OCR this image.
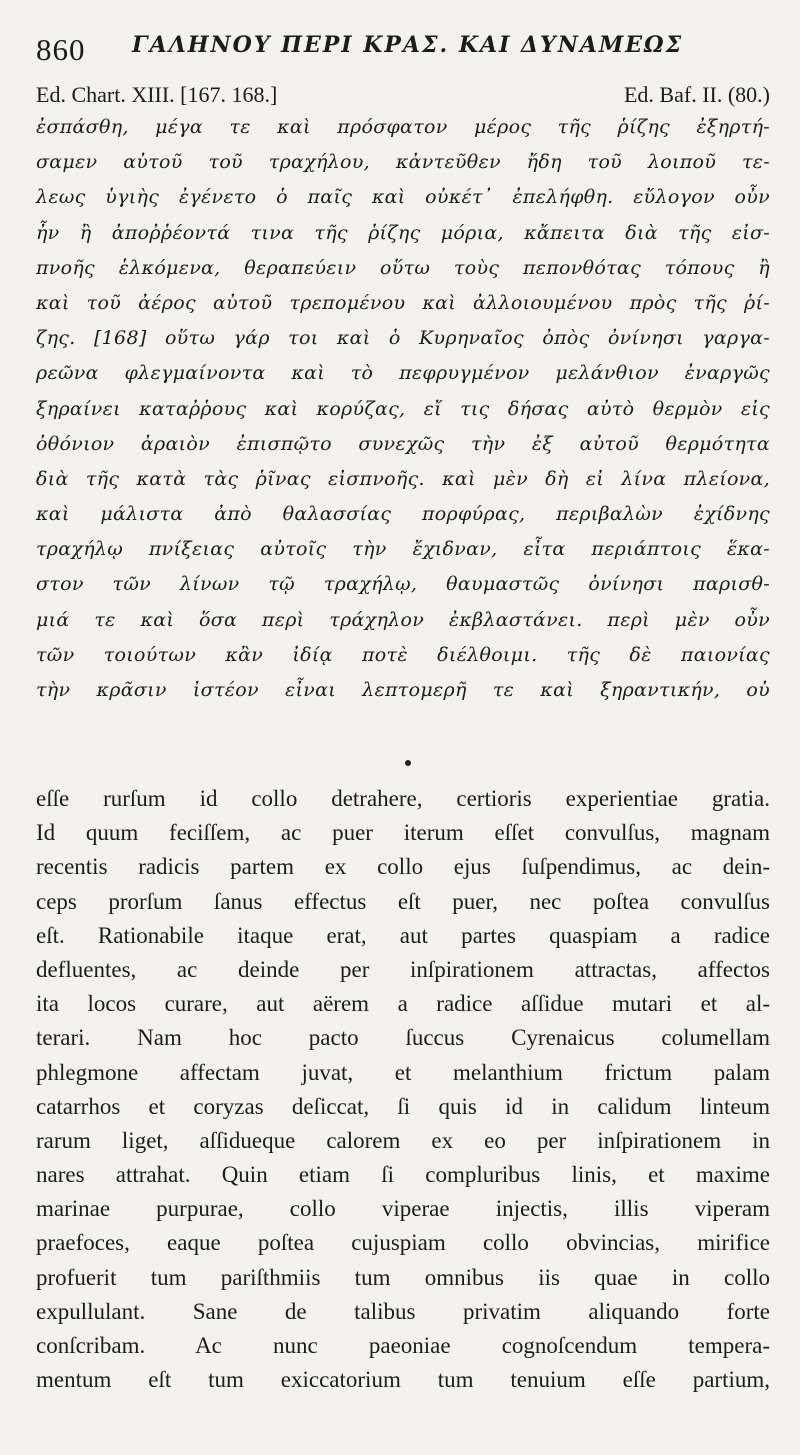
860 ΓΑΛΗΝΟΥ ΠΕΡΙ ΚΡΑΣ. ΚΑΙ ΔΥΝΑΜΕΩΣ
Ed. Chart. XIII. [167. 168.]	Ed. Baf. II. (80.)
ἐσπάσθη, μέγα τε καὶ πρόσφατον μέρος τῆς ῥίζης ἐξηρτή-
σαμεν αὐτοῦ τοῦ τραχήλου, κἀντεῦθεν ἤδη τοῦ λοιποῦ τε-
λεως ὑγιὴς ἐγένετο ὁ παῖς καὶ οὐκέτ᾽ ἐπελήφθη. εὔλογον οὖν
ἦν ἢ ἀποῤῥέοντά τινα τῆς ῥίζης μόρια, κἄπειτα διὰ τῆς εἰσ-
πνοῆς ἑλκόμενα, θεραπεύειν οὕτω τοὺς πεπονθότας τόπους ἢ
καὶ τοῦ ἀέρος αὐτοῦ τρεπομένου καὶ ἀλλοιουμένου πρὸς τῆς ῥί-
ζης. [168] οὕτω γάρ τοι καὶ ὁ Κυρηναῖος ὀπὸς ὀνίνησι γαργα-
ρεῶνα φλεγμαίνοντα καὶ τὸ πεφρυγμένον μελάνθιον ἐναργῶς
ξηραίνει καταῤῥους καὶ κορύζας, εἴ τις δήσας αὐτὸ θερμὸν εἰς
ὀθόνιον ἀραιὸν ἐπισπῷτο συνεχῶς τὴν ἐξ αὐτοῦ θερμότητα
διὰ τῆς κατὰ τὰς ῥῖνας εἰσπνοῆς. καὶ μὲν δὴ εἰ λίνα πλείονα,
καὶ μάλιστα ἀπὸ θαλασσίας πορφύρας, περιβαλὼν ἐχίδνης
τραχήλῳ πνίξειας αὐτοῖς τὴν ἔχιδναν, εἶτα περιάπτοις ἕκα-
στον τῶν λίνων τῷ τραχήλῳ, θαυμαστῶς ὀνίνησι παρισθ-
μιά τε καὶ ὅσα περὶ τράχηλον ἐκβλαστάνει. περὶ μὲν οὖν
τῶν τοιούτων κἂν ἰδίᾳ ποτὲ διέλθοιμι. τῆς δὲ παιονίας
τὴν κρᾶσιν ἰστέον εἶναι λεπτομερῆ τε καὶ ξηραντικήν, οὐ
eſſe rurſum id collo detrahere, certioris experientiae gratia.
Id quum feciſſem, ac puer iterum eſſet convulſus, magnam
recentis radicis partem ex collo ejus ſuſpendimus, ac dein-
ceps prorſum ſanus effectus eſt puer, nec poſtea convulſus
eſt. Rationabile itaque erat, aut partes quaspiam a radice
defluentes, ac deinde per inſpirationem attractas, affectos
ita locos curare, aut aërem a radice aſſidue mutari et al-
terari. Nam hoc pacto ſuccus Cyrenaicus columellam
phlegmone affectam juvat, et melanthium frictum palam
catarrhos et coryzas deſiccat, ſi quis id in calidum linteum
rarum liget, aſſidueque calorem ex eo per inſpirationem in
nares attrahat. Quin etiam ſi compluribus linis, et maxime
marinae purpurae, collo viperae injectis, illis viperam
praefoces, eaque poſtea cujuspiam collo obvincias, mirifice
profuerit tum pariſthmiis tum omnibus iis quae in collo
expullulant. Sane de talibus privatim aliquando forte
conſcribam. Ac nunc paeoniae cognoſcendum tempera-
mentum eſt tum exiccatorium tum tenuium eſſe partium,
